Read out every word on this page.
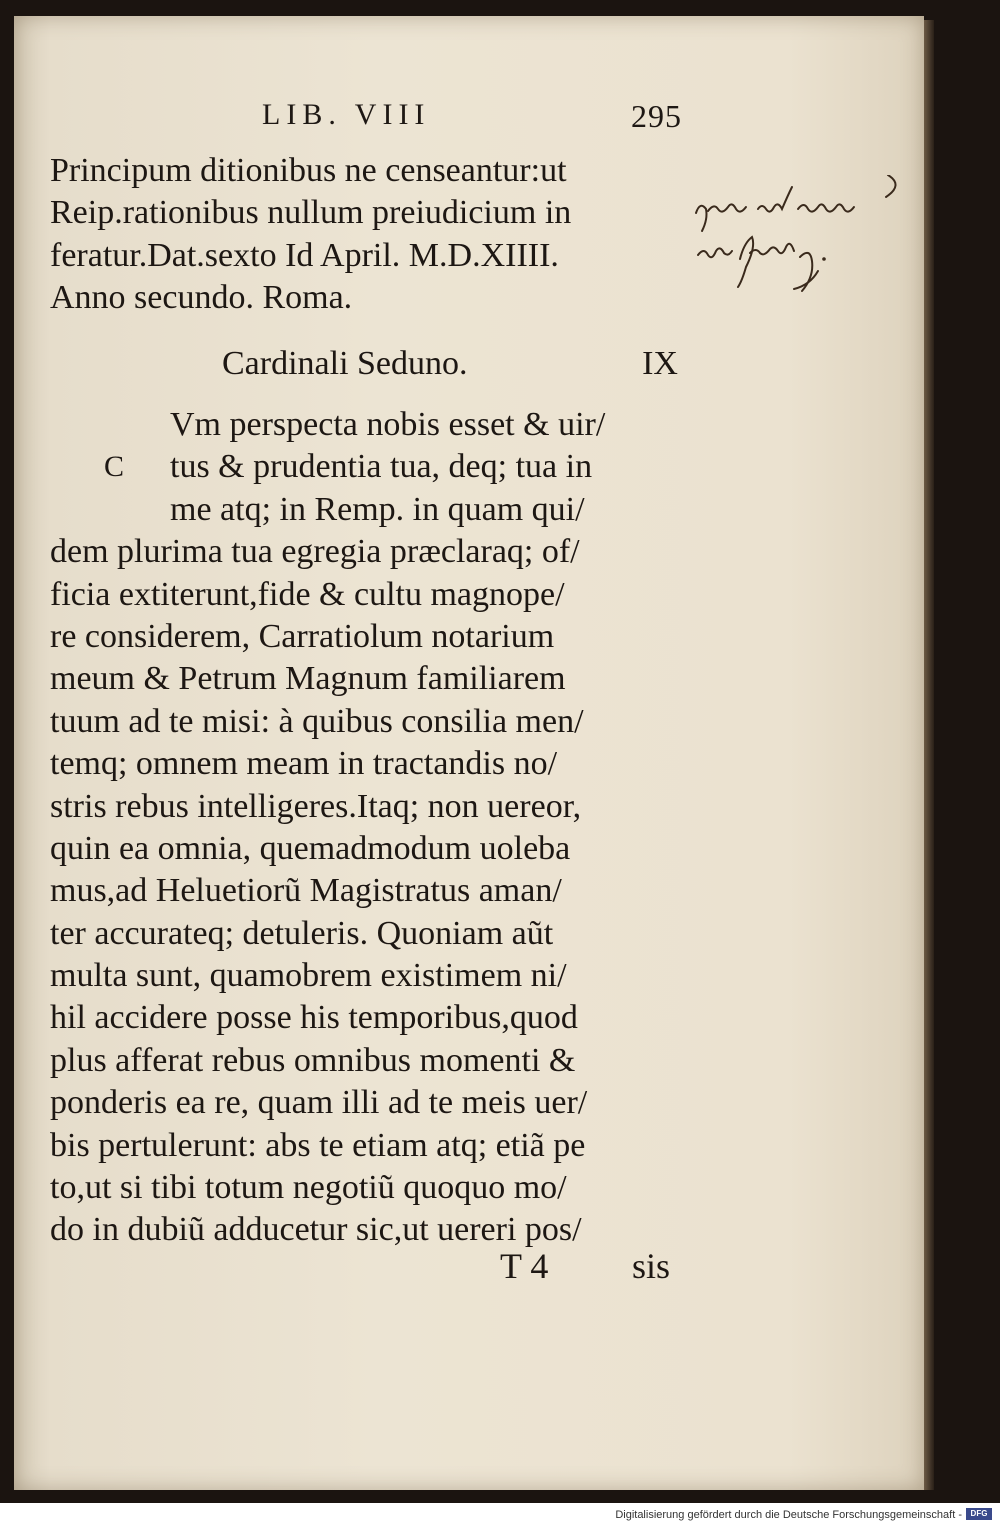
LIB. VIII	295
Principum ditionibus ne censeantur:ut
Reip.rationibus nullum preiudicium in
feratur.Dat.sexto Id April. M.D.XIIII.
Anno secundo. Roma.
Cardinali Seduno.	IX
C
Vm perspecta nobis esset & uir/
tus & prudentia tua, deq; tua in
me atq; in Remp. in quam qui/
dem plurima tua egregia præclaraq; of/
ficia extiterunt,fide & cultu magnope/
re considerem, Carratiolum notarium
meum & Petrum Magnum familiarem
tuum ad te misi: à quibus consilia men/
temq; omnem meam in tractandis no/
stris rebus intelligeres.Itaq; non uereor,
quin ea omnia, quemadmodum uoleba
mus,ad Heluetiorũ Magistratus aman/
ter accurateq; detuleris. Quoniam aũt
multa sunt, quamobrem existimem ni/
hil accidere posse his temporibus,quod
plus afferat rebus omnibus momenti &
ponderis ea re, quam illi ad te meis uer/
bis pertulerunt: abs te etiam atq; etiã pe
to,ut si tibi totum negotiũ quoquo mo/
do in dubiũ adducetur sic,ut uereri pos/
T 4 sis
Digitalisierung gefördert durch die Deutsche Forschungsgemeinschaft -	DFG
